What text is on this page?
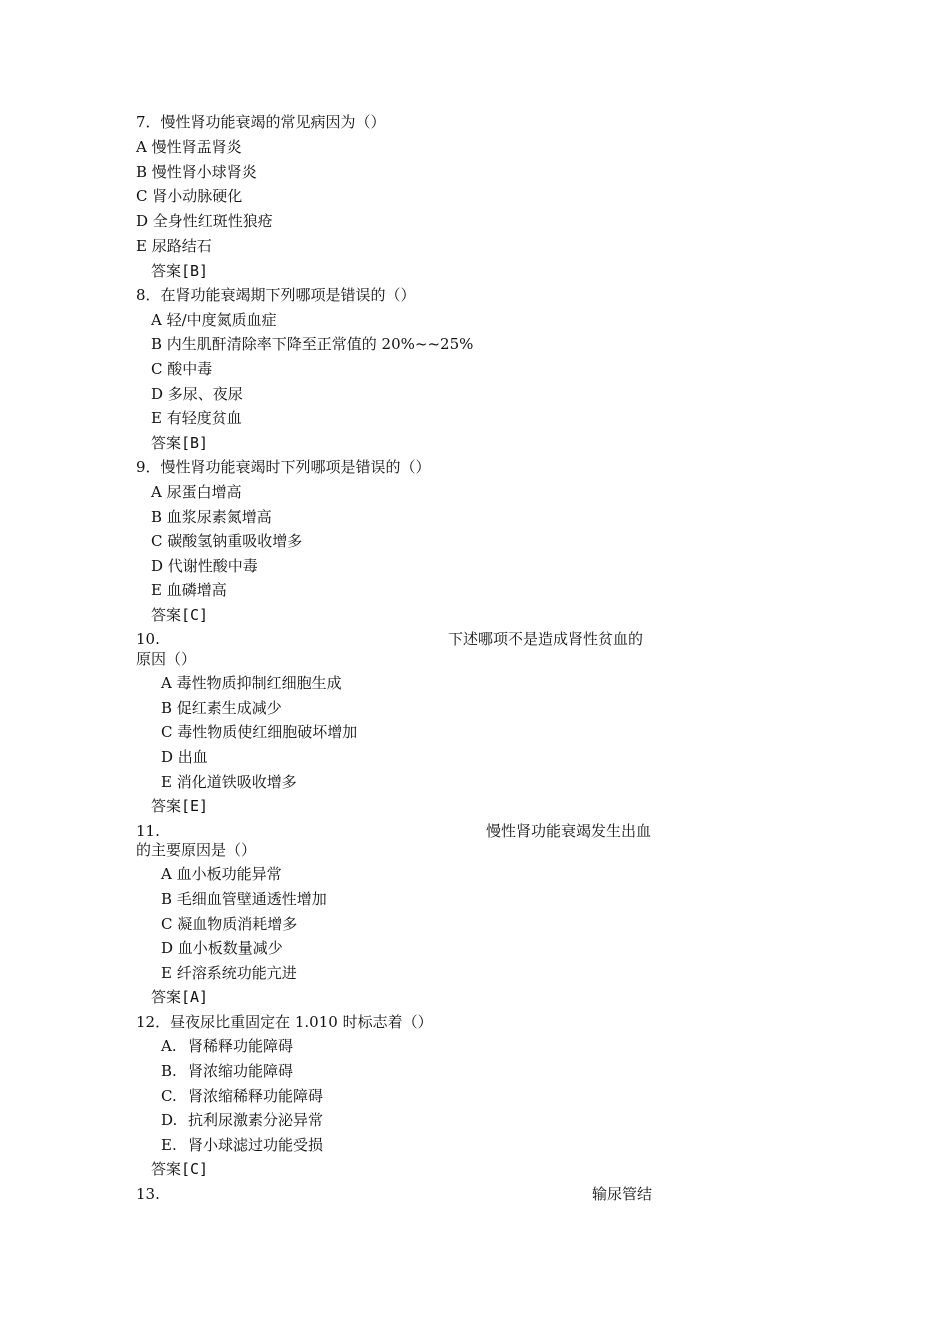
7．慢性肾功能衰竭的常见病因为（）
A 慢性肾盂肾炎
B 慢性肾小球肾炎
C 肾小动脉硬化
D 全身性红斑性狼疮
E 尿路结石
答案[B]
8．在肾功能衰竭期下列哪项是错误的（）
A 轻/中度氮质血症
B 内生肌酐清除率下降至正常值的 20%~~25%
C 酸中毒
D 多尿、夜尿
E 有轻度贫血
答案[B]
9．慢性肾功能衰竭时下列哪项是错误的（）
A 尿蛋白增高
B 血浆尿素氮增高
C 碳酸氢钠重吸收增多
D 代谢性酸中毒
E 血磷增高
答案[C]
10.	下述哪项不是造成肾性贫血的
原因（）
A 毒性物质抑制红细胞生成
B 促红素生成减少
C 毒性物质使红细胞破坏增加
D 出血
E 消化道铁吸收增多
答案[E]
11.	慢性肾功能衰竭发生出血
的主要原因是（）
A 血小板功能异常
B 毛细血管壁通透性增加
C 凝血物质消耗增多
D 血小板数量减少
E 纤溶系统功能亢进
答案[A]
12．昼夜尿比重固定在 1.010 时标志着（）
A. 肾稀释功能障碍
B. 肾浓缩功能障碍
C. 肾浓缩稀释功能障碍
D. 抗利尿激素分泌异常
E. 肾小球滤过功能受损
答案[C]
13.	输尿管结
